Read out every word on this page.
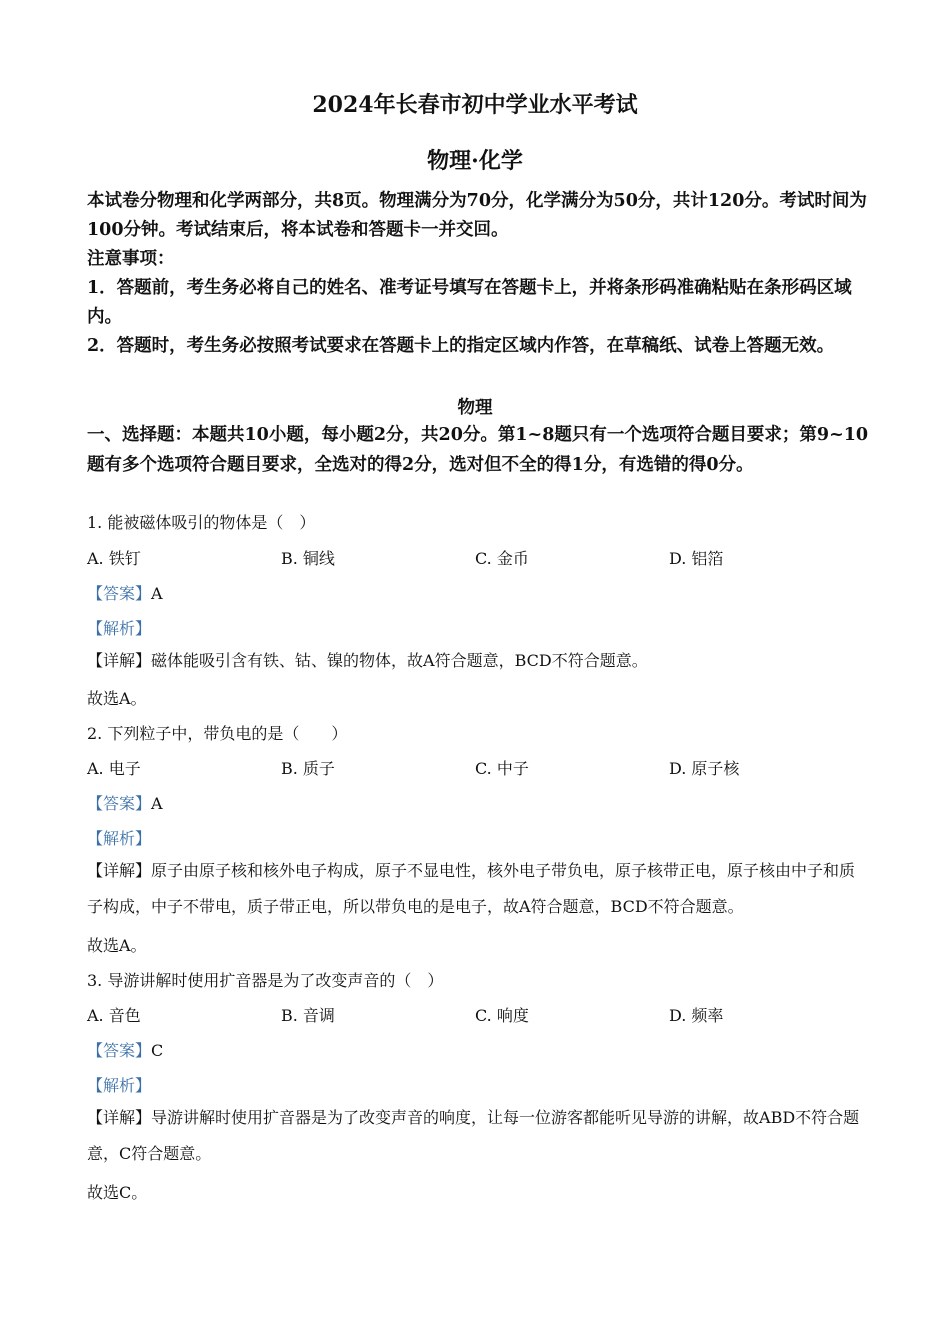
2024年长春市初中学业水平考试
物理·化学

本试卷分物理和化学两部分，共8页。物理满分为70分，化学满分为50分，共计120分。考试时间为100分钟。考试结束后，将本试卷和答题卡一并交回。

注意事项：

1．答题前，考生务必将自己的姓名、准考证号填写在答题卡上，并将条形码准确粘贴在条形码区域内。

2．答题时，考生务必按照考试要求在答题卡上的指定区域内作答，在草稿纸、试卷上答题无效。

物理
一、选择题：本题共10小题，每小题2分，共20分。第1~8题只有一个选项符合题目要求；第9~10题有多个选项符合题目要求，全选对的得2分，选对但不全的得1分，有选错的得0分。
1. 能被磁体吸引的物体是（　）
A. 铁钉	B. 铜线	C. 金币	D. 铝箔
【答案】A
【解析】
【详解】磁体能吸引含有铁、钴、镍的物体，故A符合题意，BCD不符合题意。
故选A。
2. 下列粒子中，带负电的是（　　）
A. 电子	B. 质子	C. 中子	D. 原子核
【答案】A
【解析】
【详解】原子由原子核和核外电子构成，原子不显电性，核外电子带负电，原子核带正电，原子核由中子和质子构成，中子不带电，质子带正电，所以带负电的是电子，故A符合题意，BCD不符合题意。
故选A。
3. 导游讲解时使用扩音器是为了改变声音的（　）
A. 音色	B. 音调	C. 响度	D. 频率
【答案】C
【解析】
【详解】导游讲解时使用扩音器是为了改变声音的响度，让每一位游客都能听见导游的讲解，故ABD不符合题意，C符合题意。
故选C。
